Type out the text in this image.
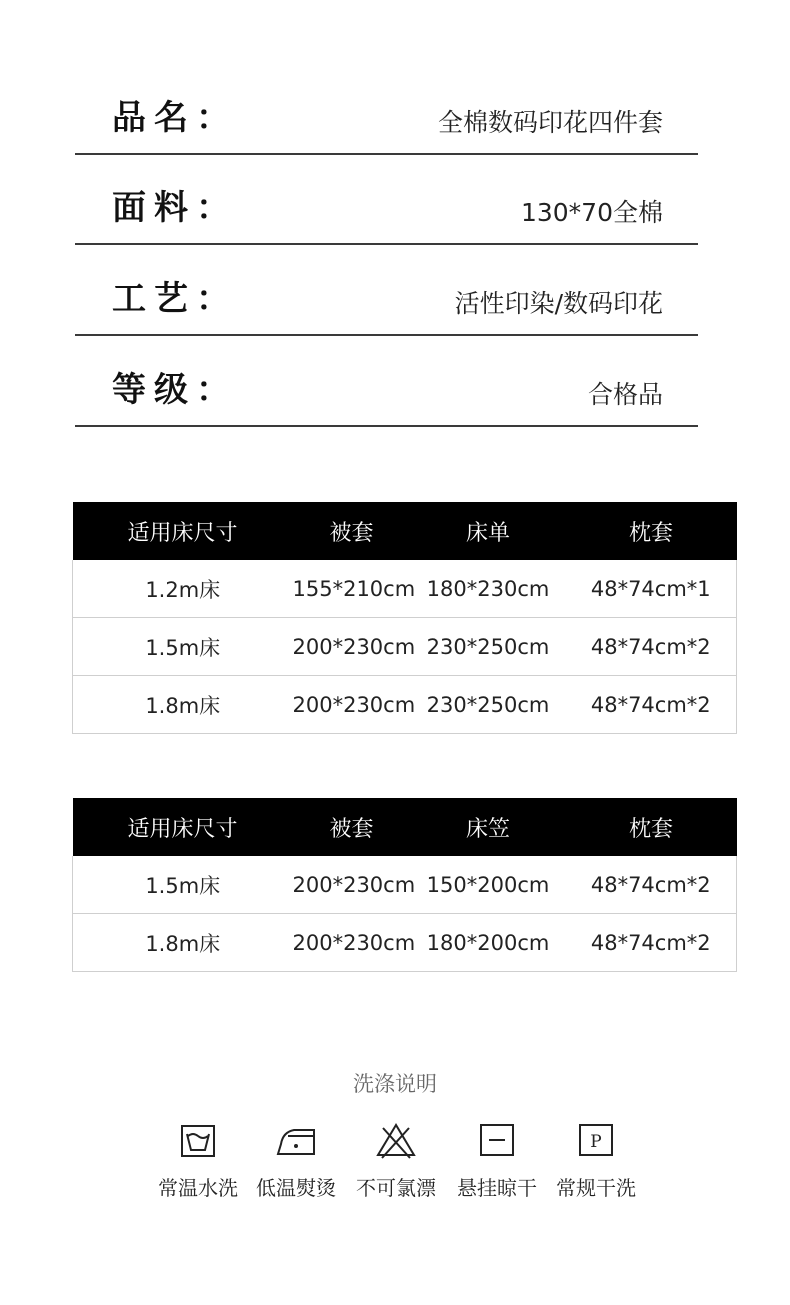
品名：	全棉数码印花四件套
面料：	130*70全棉
工艺：	活性印染/数码印花
等级：	合格品
适用床尺寸	被套	床单	枕套
1.2m床	155*210cm	180*230cm	48*74cm*1
1.5m床	200*230cm	230*250cm	48*74cm*2
1.8m床	200*230cm	230*250cm	48*74cm*2
适用床尺寸	被套	床笠	枕套
1.5m床	200*230cm	150*200cm	48*74cm*2
1.8m床	200*230cm	180*200cm	48*74cm*2
洗涤说明
常温水洗 低温熨烫	不可氯漂	悬挂晾干
P
常规干洗
